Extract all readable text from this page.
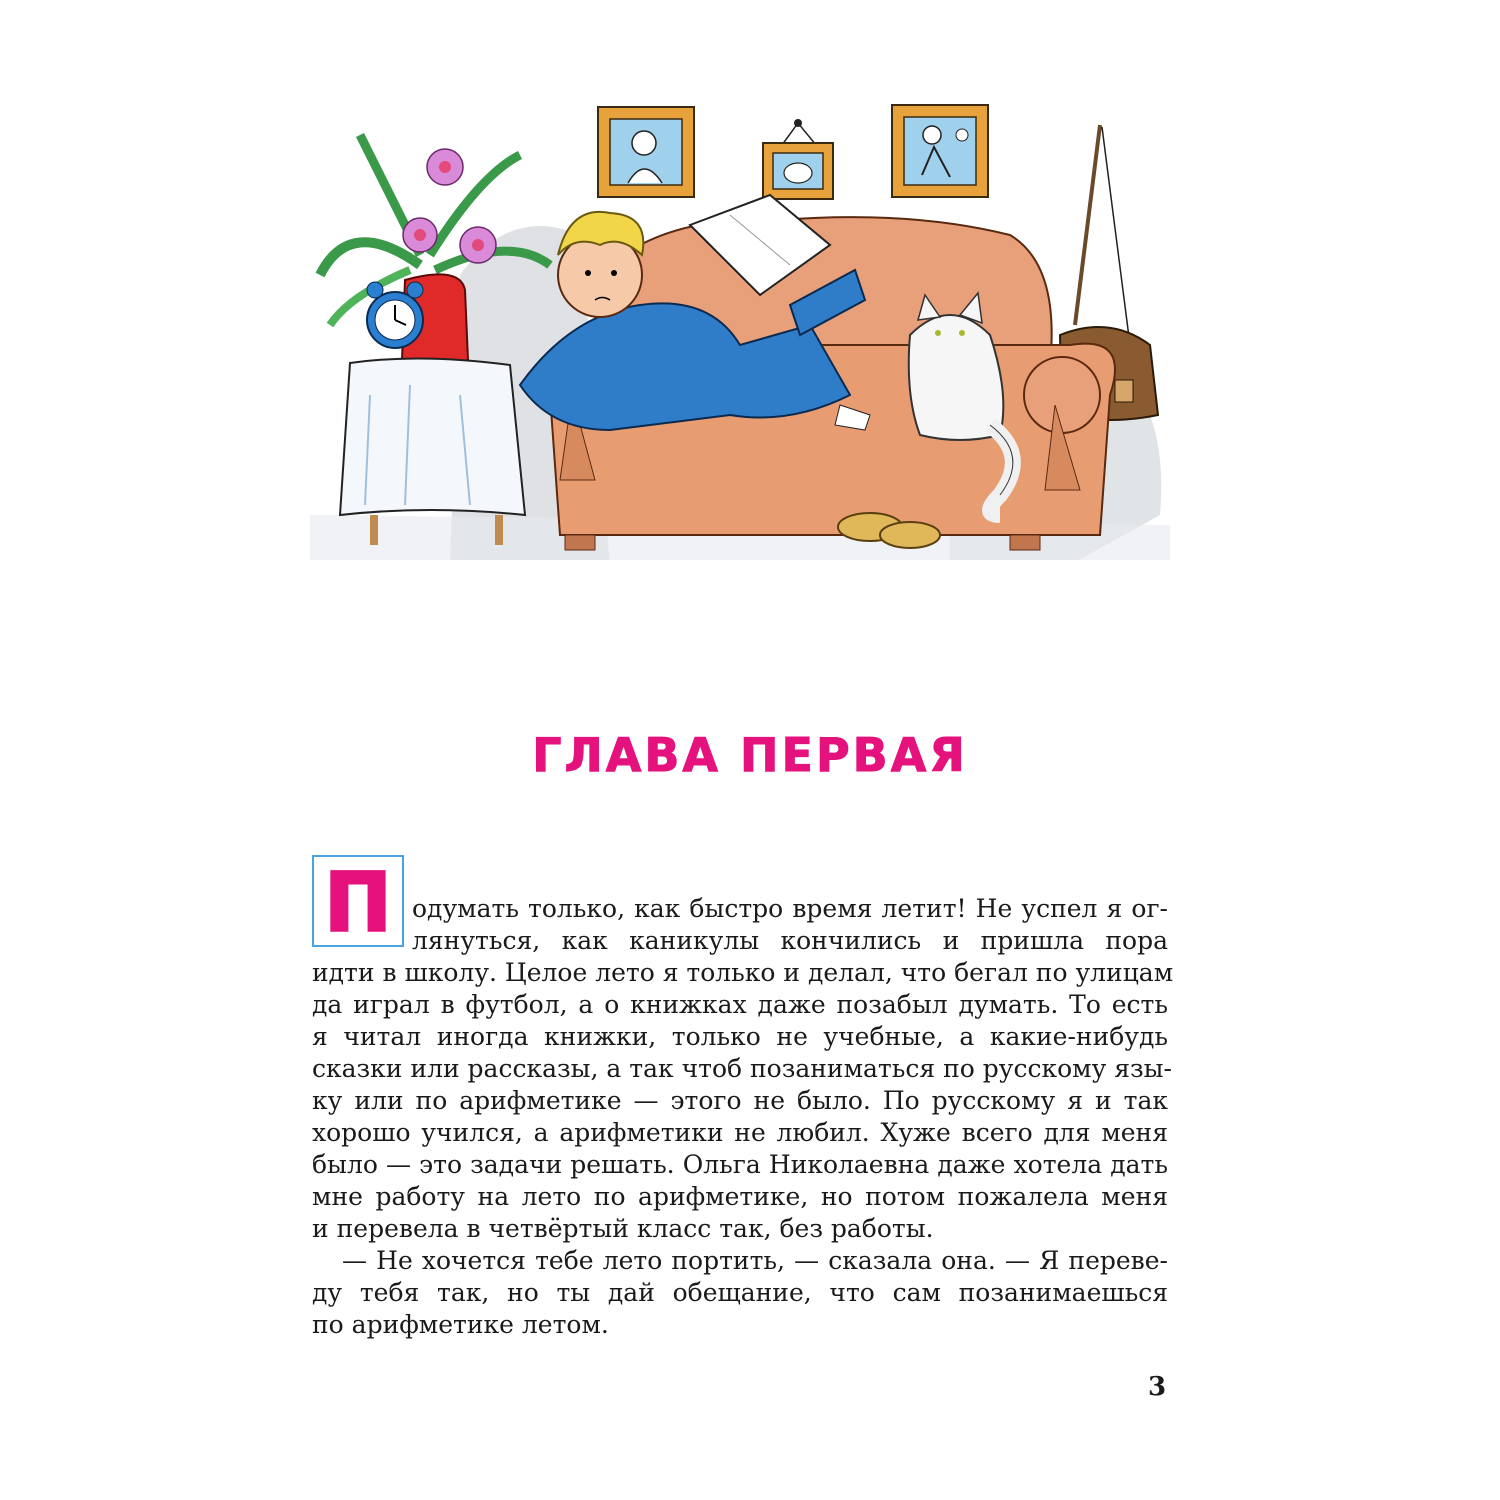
ГЛАВА ПЕРВАЯ
П одумать только, как быстро время летит! Не успел я ог-
лянуться, как каникулы кончились и пришла пора
идти в школу. Целое лето я только и делал, что бегал по улицам
да играл в футбол, а о книжках даже позабыл думать. То есть
я читал иногда книжки, только не учебные, а какие-нибудь
сказки или рассказы, а так чтоб позаниматься по русскому язы-
ку или по арифметике — этого не было. По русскому я и так
хорошо учился, а арифметики не любил. Хуже всего для меня
было — это задачи решать. Ольга Николаевна даже хотела дать
мне работу на лето по арифметике, но потом пожалела меня
и перевела в четвёртый класс так, без работы.
— Не хочется тебе лето портить, — сказала она. — Я переве-
ду тебя так, но ты дай обещание, что сам позанимаешься
по арифметике летом.
3
